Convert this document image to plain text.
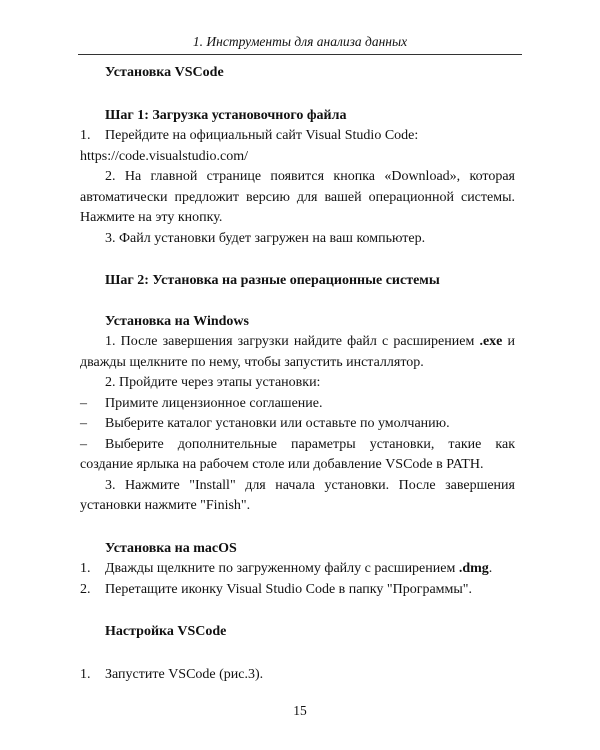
1. Инструменты для анализа данных
Установка VSCode
Шаг 1: Загрузка установочного файла
1. Перейдите на официальный сайт Visual Studio Code:
https://code.visualstudio.com/

2. На главной странице появится кнопка «Download», которая автоматически предложит версию для вашей операционной системы. Нажмите на эту кнопку.

3. Файл установки будет загружен на ваш компьютер.

Шаг 2: Установка на разные операционные системы
Установка на Windows

1. После завершения загрузки найдите файл с расширением .exe и дважды щелкните по нему, чтобы запустить инсталлятор.

2. Пройдите через этапы установки:

– Примите лицензионное соглашение.
– Выберите каталог установки или оставьте по умолчанию.

– Выберите дополнительные параметры установки, такие как создание ярлыка на рабочем столе или добавление VSCode в PATH.

3. Нажмите "Install" для начала установки. После завершения установки нажмите "Finish".

Установка на macOS
1. Дважды щелкните по загруженному файлу с расширением .dmg.
2. Перетащите иконку Visual Studio Code в папку "Программы".
Настройка VSCode
1. Запустите VSCode (рис.3).
15
